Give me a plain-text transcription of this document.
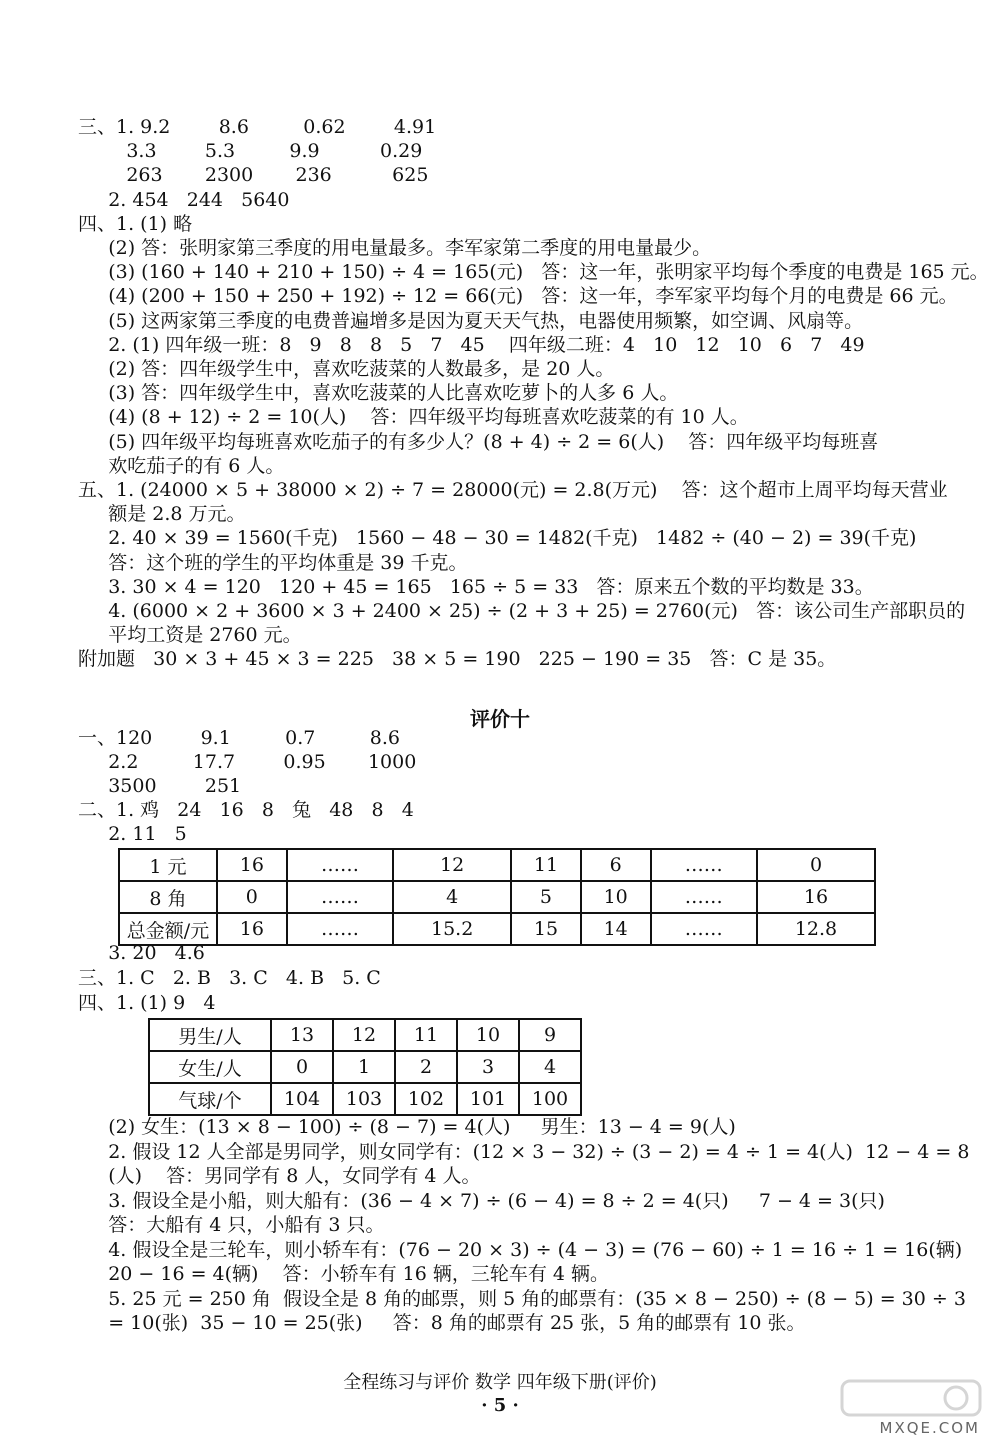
三、1. 9.2        8.6         0.62        4.91
3.3        5.3         9.9          0.29
263       2300       236          625
2. 454   244   5640
四、1. (1) 略
(2) 答：张明家第三季度的用电量最多。李军家第二季度的用电量最少。
(3) (160 + 140 + 210 + 150) ÷ 4 = 165(元)   答：这一年，张明家平均每个季度的电费是 165 元。
(4) (200 + 150 + 250 + 192) ÷ 12 = 66(元)   答：这一年，李军家平均每个月的电费是 66 元。
(5) 这两家第三季度的电费普遍增多是因为夏天天气热，电器使用频繁，如空调、风扇等。
2. (1) 四年级一班：8   9   8   8   5   7   45    四年级二班：4   10   12   10   6   7   49
(2) 答：四年级学生中，喜欢吃菠菜的人数最多，是 20 人。
(3) 答：四年级学生中，喜欢吃菠菜的人比喜欢吃萝卜的人多 6 人。
(4) (8 + 12) ÷ 2 = 10(人)    答：四年级平均每班喜欢吃菠菜的有 10 人。
(5) 四年级平均每班喜欢吃茄子的有多少人？(8 + 4) ÷ 2 = 6(人)    答：四年级平均每班喜
欢吃茄子的有 6 人。
五、1. (24000 × 5 + 38000 × 2) ÷ 7 = 28000(元) = 2.8(万元)    答：这个超市上周平均每天营业
额是 2.8 万元。
2. 40 × 39 = 1560(千克)   1560 − 48 − 30 = 1482(千克)   1482 ÷ (40 − 2) = 39(千克)
答：这个班的学生的平均体重是 39 千克。
3. 30 × 4 = 120   120 + 45 = 165   165 ÷ 5 = 33   答：原来五个数的平均数是 33。
4. (6000 × 2 + 3600 × 3 + 2400 × 25) ÷ (2 + 3 + 25) = 2760(元)   答：该公司生产部职员的
平均工资是 2760 元。
附加题   30 × 3 + 45 × 3 = 225   38 × 5 = 190   225 − 190 = 35   答：C 是 35。
评价十
一、120        9.1         0.7         8.6
2.2         17.7        0.95       1000
3500        251
二、1. 鸡   24   16   8   兔   48   8   4
2. 11   5
1 元	16	……	12	11	6	……	0
8 角	0	……	4	5	10	……	16
总金额/元	16	……	15.2	15	14	……	12.8
3. 20   4.6
三、1. C   2. B   3. C   4. B   5. C
四、1. (1) 9   4
男生/人	13	12	11	10	9
女生/人	0	1	2	3	4
气球/个	104	103	102	101	100
(2) 女生：(13 × 8 − 100) ÷ (8 − 7) = 4(人)     男生：13 − 4 = 9(人)
2. 假设 12 人全部是男同学，则女同学有：(12 × 3 − 32) ÷ (3 − 2) = 4 ÷ 1 = 4(人)  12 − 4 = 8
(人)    答：男同学有 8 人，女同学有 4 人。
3. 假设全是小船，则大船有：(36 − 4 × 7) ÷ (6 − 4) = 8 ÷ 2 = 4(只)     7 − 4 = 3(只)
答：大船有 4 只，小船有 3 只。
4. 假设全是三轮车，则小轿车有：(76 − 20 × 3) ÷ (4 − 3) = (76 − 60) ÷ 1 = 16 ÷ 1 = 16(辆)
20 − 16 = 4(辆)    答：小轿车有 16 辆，三轮车有 4 辆。
5. 25 元 = 250 角  假设全是 8 角的邮票，则 5 角的邮票有：(35 × 8 − 250) ÷ (8 − 5) = 30 ÷ 3
= 10(张)  35 − 10 = 25(张)     答：8 角的邮票有 25 张，5 角的邮票有 10 张。
全程练习与评价 数学 四年级下册(评价)
· 5 ·
MXQE.COM
